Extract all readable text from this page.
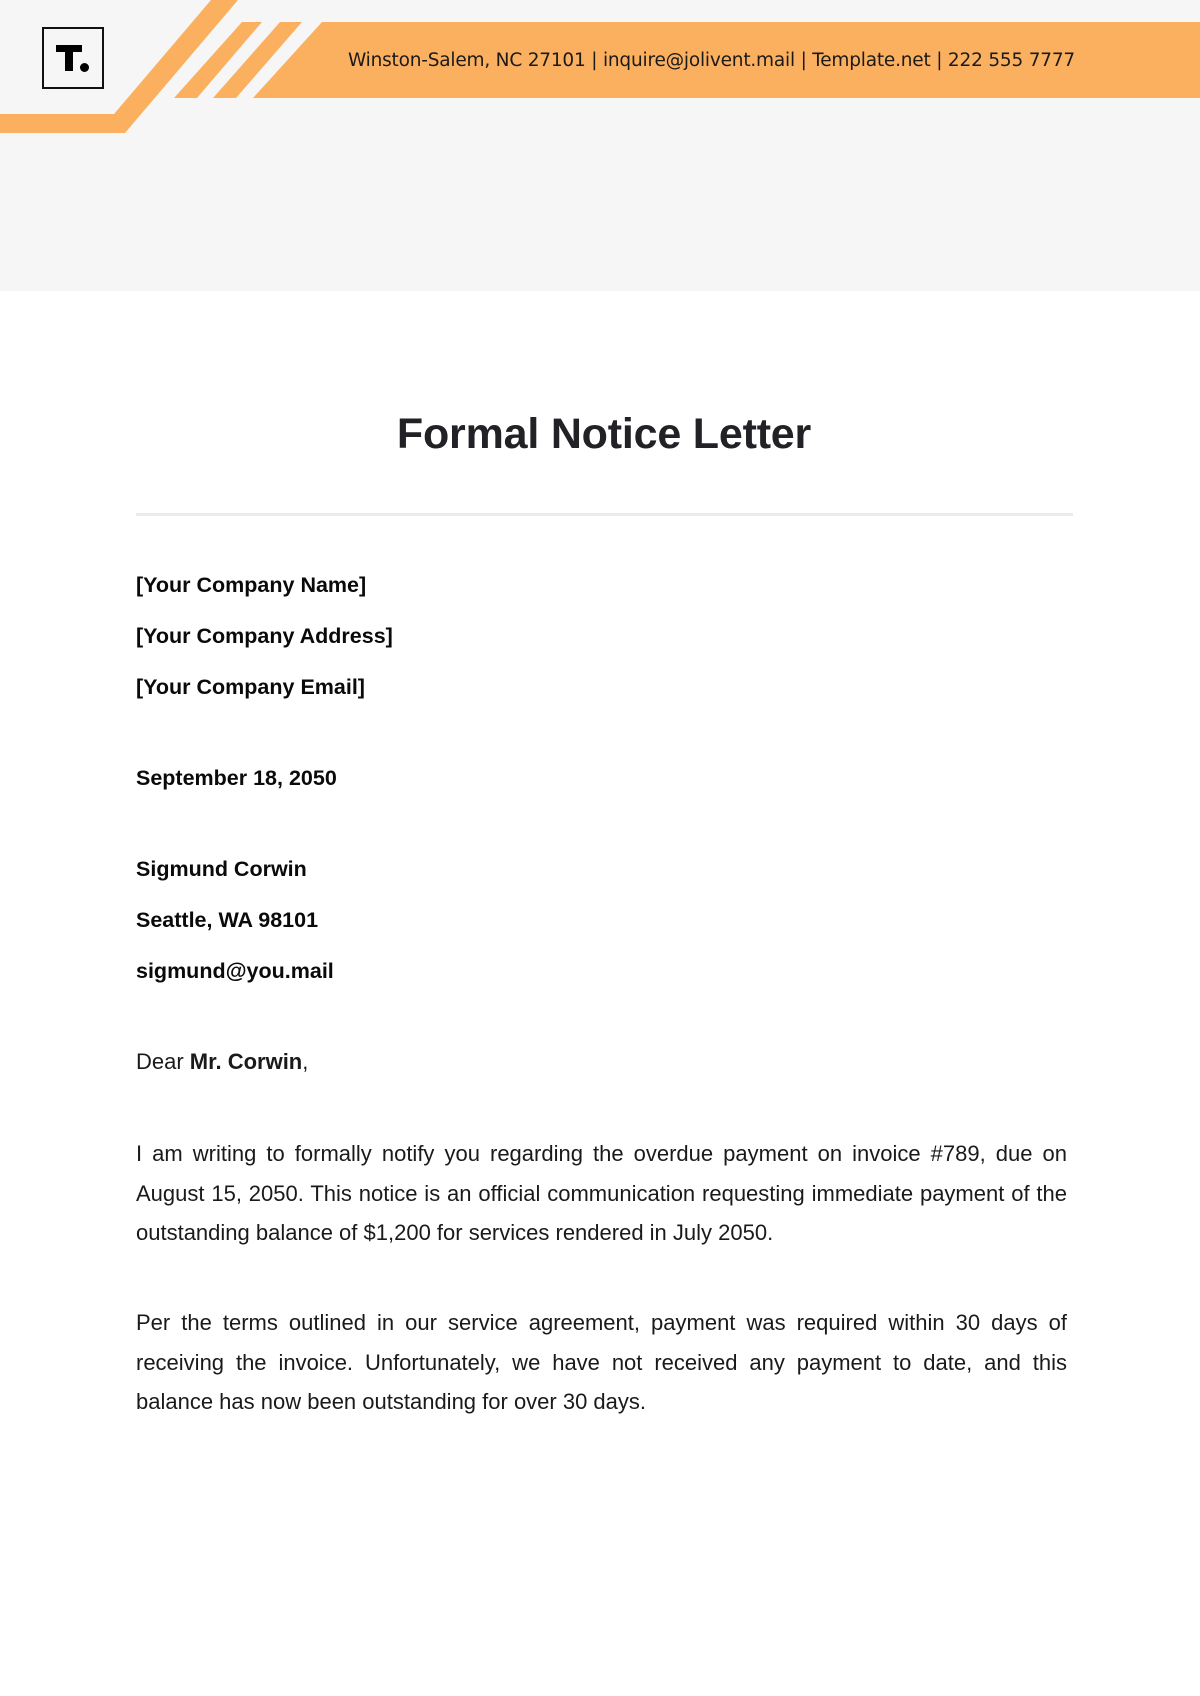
Winston-Salem, NC 27101 | inquire@jolivent.mail | Template.net | 222 555 7777
Formal Notice Letter
[Your Company Name]
[Your Company Address]
[Your Company Email]
September 18, 2050
Sigmund Corwin
Seattle, WA 98101
sigmund@you.mail
Dear Mr. Corwin,

I am writing to formally notify you regarding the overdue payment on invoice #789, due on August 15, 2050. This notice is an official communication requesting immediate payment of the outstanding balance of $1,200 for services rendered in July 2050.

Per the terms outlined in our service agreement, payment was required within 30 days of receiving the invoice. Unfortunately, we have not received any payment to date, and this balance has now been outstanding for over 30 days.
